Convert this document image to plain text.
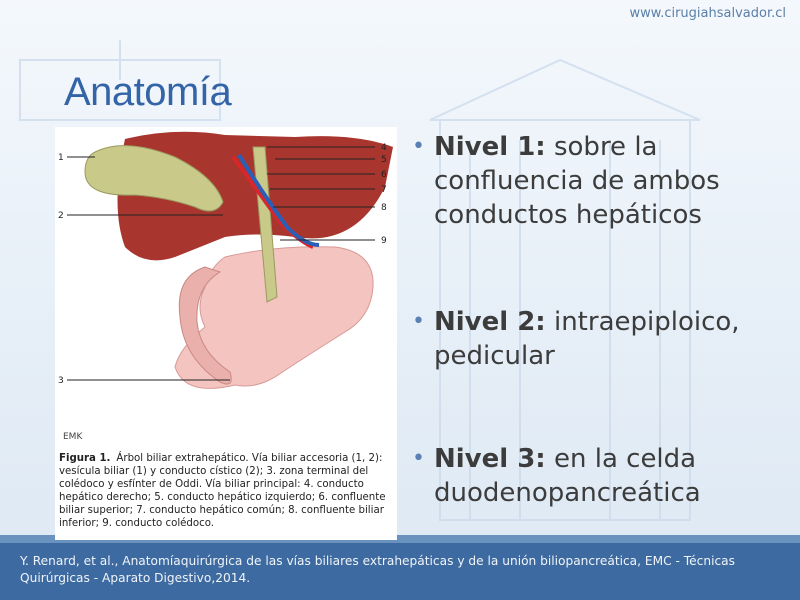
www.cirugiahsalvador.cl
Anatomía
1
2
3
4
5
6
7
8
9
EMK
Figura 1. Árbol biliar extrahepático. Vía biliar accesoria (1, 2): vesícula biliar (1) y conducto cístico (2); 3. zona terminal del colédoco y esfínter de Oddi. Vía biliar principal: 4. conducto hepático derecho; 5. conducto hepático izquierdo; 6. confluente biliar superior; 7. conducto hepático común; 8. confluente biliar inferior; 9. conducto colédoco.
• Nivel 1: sobre la confluencia de ambos conductos hepáticos
• Nivel 2: intraepiploico, pedicular
• Nivel 3: en la celda duodenopancreática
Y. Renard, et al., Anatomíaquirúrgica de las vías biliares extrahepáticas y de la unión biliopancreática, EMC - Técnicas Quirúrgicas - Aparato Digestivo,2014.
